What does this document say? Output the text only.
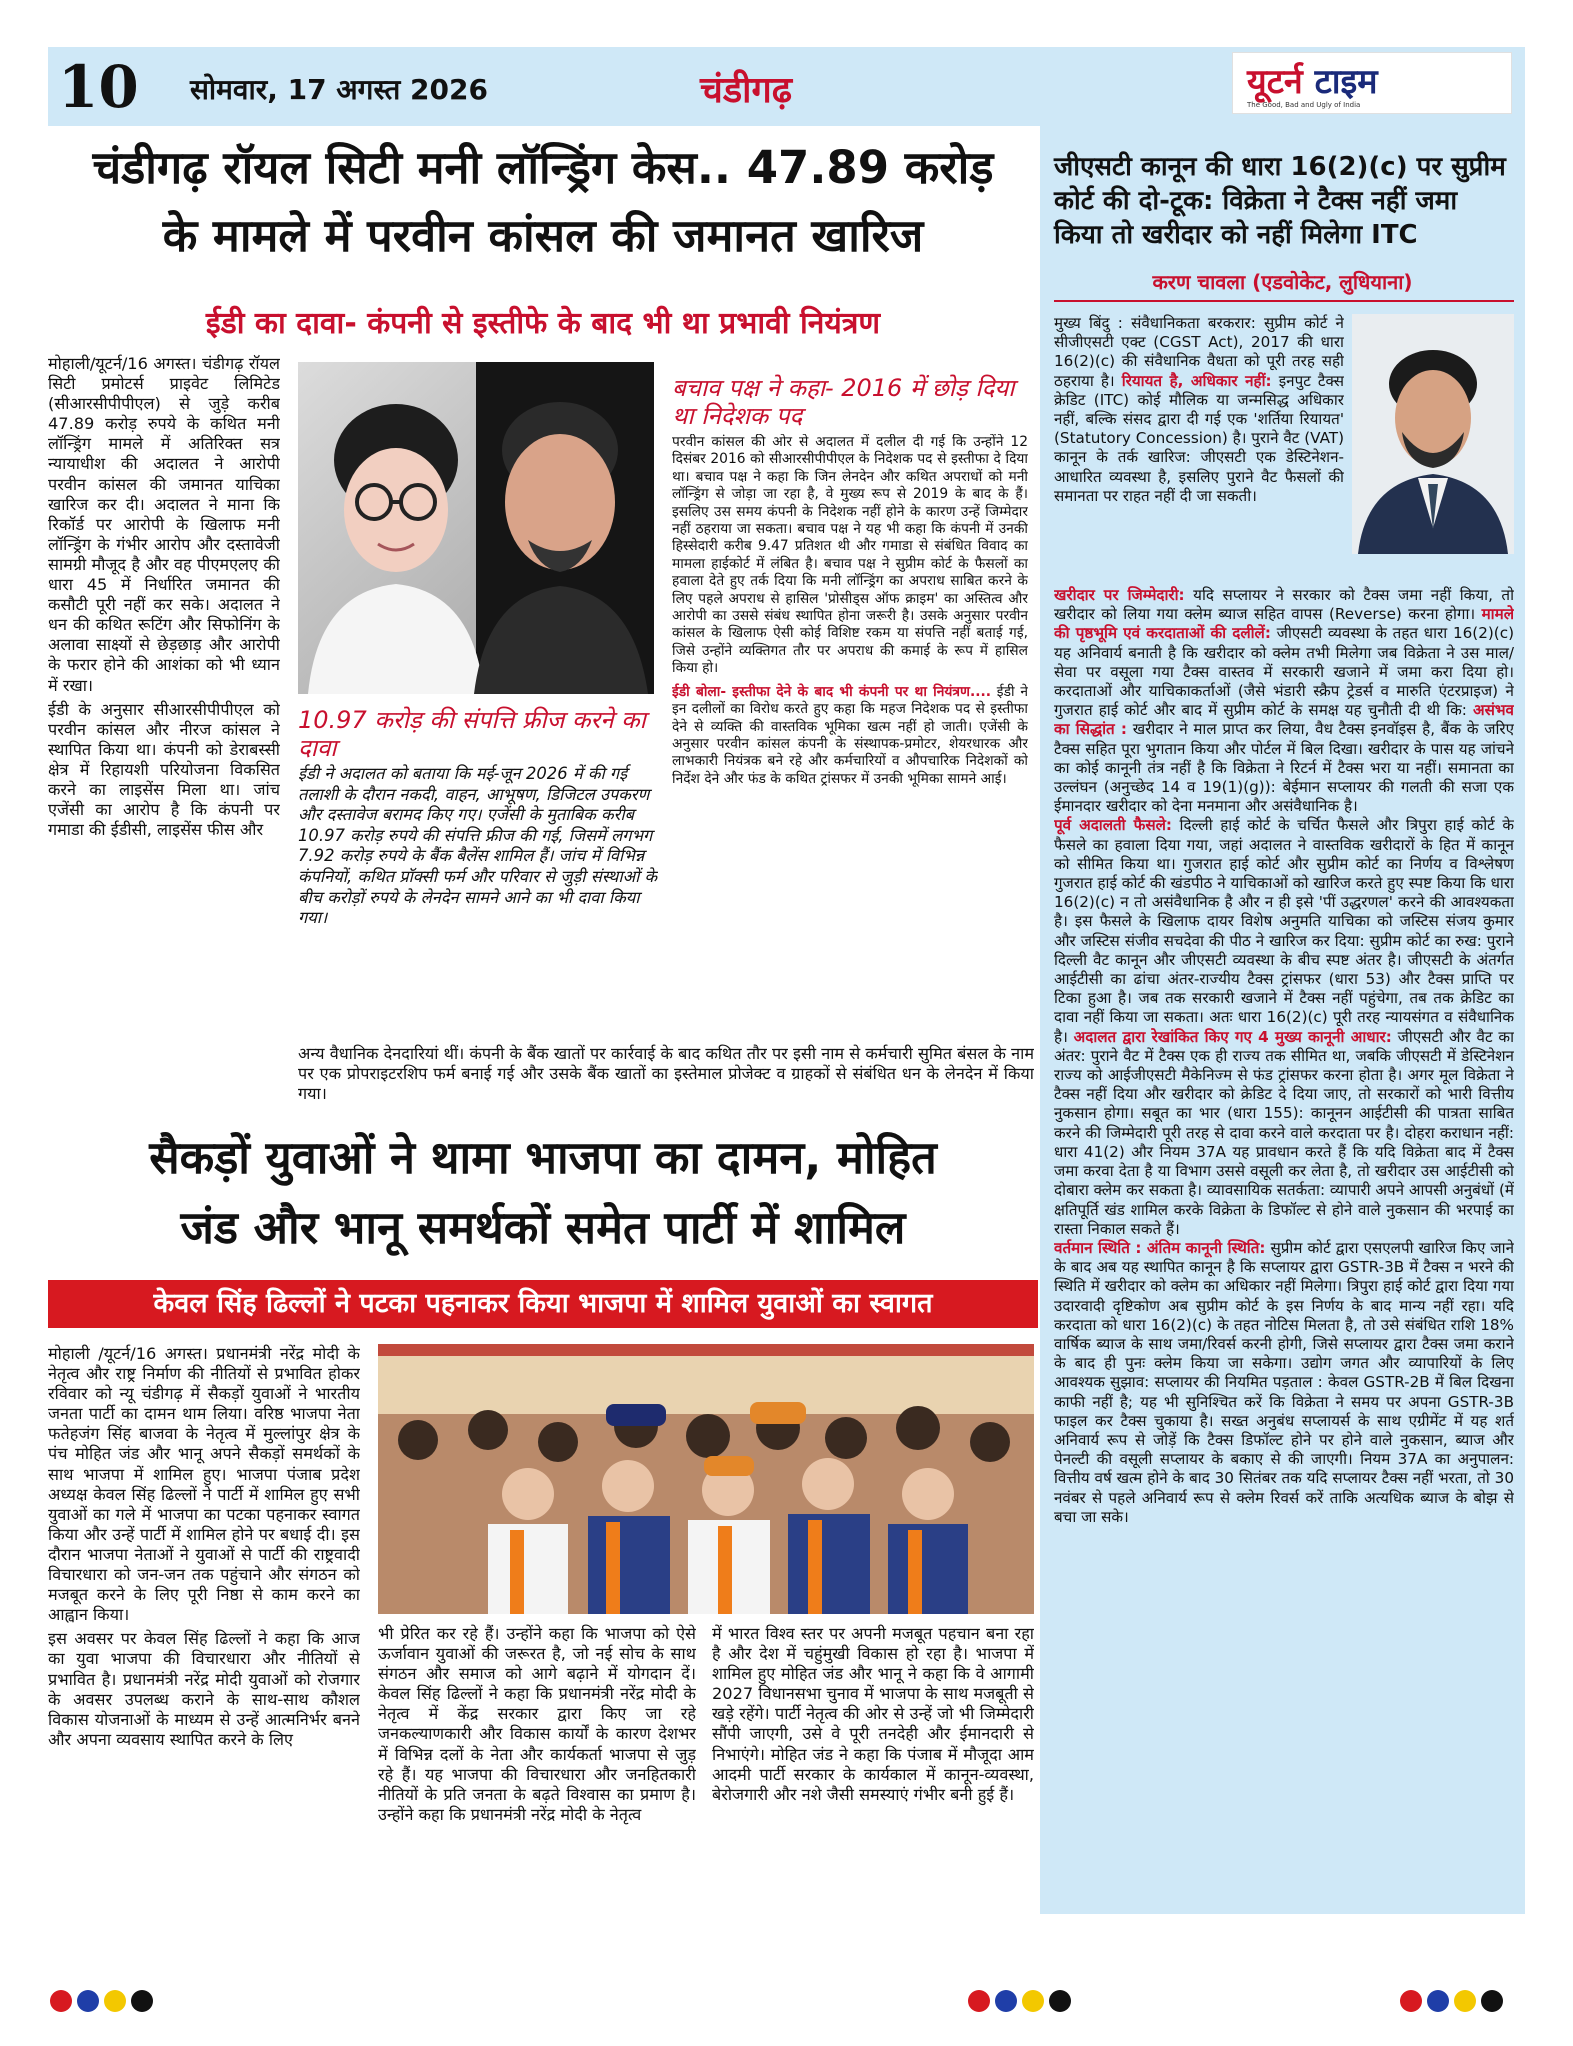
10 सोमवार, 17 अगस्त 2026	चंडीगढ़	यूटर्न टाइम
The Good, Bad and Ugly of India
चंडीगढ़ रॉयल सिटी मनी लॉन्ड्रिंग केस.. 47.89 करोड़
के मामले में परवीन कांसल की जमानत खारिज
ईडी का दावा- कंपनी से इस्तीफे के बाद भी था प्रभावी नियंत्रण
मोहाली/यूटर्न/16 अगस्त। चंडीगढ़ रॉयल सिटी प्रमोटर्स प्राइवेट लिमिटेड (सीआरसीपीपीएल) से जुड़े करीब 47.89 करोड़ रुपये के कथित मनी लॉन्ड्रिंग मामले में अतिरिक्त सत्र न्यायाधीश की अदालत ने आरोपी परवीन कांसल की जमानत याचिका खारिज कर दी। अदालत ने माना कि रिकॉर्ड पर आरोपी के खिलाफ मनी लॉन्ड्रिंग के गंभीर आरोप और दस्तावेजी सामग्री मौजूद है और वह पीएमएलए की धारा 45 में निर्धारित जमानत की कसौटी पूरी नहीं कर सके। अदालत ने धन की कथित रूटिंग और सिफोनिंग के अलावा साक्ष्यों से छेड़छाड़ और आरोपी के फरार होने की आशंका को भी ध्यान में रखा।
ईडी के अनुसार सीआरसीपीपीएल को परवीन कांसल और नीरज कांसल ने स्थापित किया था। कंपनी को डेराबस्सी क्षेत्र में रिहायशी परियोजना विकसित करने का लाइसेंस मिला था। जांच एजेंसी का आरोप है कि कंपनी पर गमाडा की ईडीसी, लाइसेंस फीस और
10.97 करोड़ की संपत्ति फ्रीज करने का दावा
ईडी ने अदालत को बताया कि मई-जून 2026 में की गई तलाशी के दौरान नकदी, वाहन, आभूषण, डिजिटल उपकरण और दस्तावेज बरामद किए गए। एजेंसी के मुताबिक करीब 10.97 करोड़ रुपये की संपत्ति फ्रीज की गई, जिसमें लगभग 7.92 करोड़ रुपये के बैंक बैलेंस शामिल हैं। जांच में विभिन्न कंपनियों, कथित प्रॉक्सी फर्म और परिवार से जुड़ी संस्थाओं के बीच करोड़ों रुपये के लेनदेन सामने आने का भी दावा किया गया।
बचाव पक्ष ने कहा- 2016 में छोड़ दिया था निदेशक पद
परवीन कांसल की ओर से अदालत में दलील दी गई कि उन्होंने 12 दिसंबर 2016 को सीआरसीपीपीएल के निदेशक पद से इस्तीफा दे दिया था। बचाव पक्ष ने कहा कि जिन लेनदेन और कथित अपराधों को मनी लॉन्ड्रिंग से जोड़ा जा रहा है, वे मुख्य रूप से 2019 के बाद के हैं। इसलिए उस समय कंपनी के निदेशक नहीं होने के कारण उन्हें जिम्मेदार नहीं ठहराया जा सकता। बचाव पक्ष ने यह भी कहा कि कंपनी में उनकी हिस्सेदारी करीब 9.47 प्रतिशत थी और गमाडा से संबंधित विवाद का मामला हाईकोर्ट में लंबित है। बचाव पक्ष ने सुप्रीम कोर्ट के फैसलों का हवाला देते हुए तर्क दिया कि मनी लॉन्ड्रिंग का अपराध साबित करने के लिए पहले अपराध से हासिल 'प्रोसीड्स ऑफ क्राइम' का अस्तित्व और आरोपी का उससे संबंध स्थापित होना जरूरी है। उसके अनुसार परवीन कांसल के खिलाफ ऐसी कोई विशिष्ट रकम या संपत्ति नहीं बताई गई, जिसे उन्होंने व्यक्तिगत तौर पर अपराध की कमाई के रूप में हासिल किया हो।
ईडी बोला- इस्तीफा देने के बाद भी कंपनी पर था नियंत्रण.... ईडी ने इन दलीलों का विरोध करते हुए कहा कि महज निदेशक पद से इस्तीफा देने से व्यक्ति की वास्तविक भूमिका खत्म नहीं हो जाती। एजेंसी के अनुसार परवीन कांसल कंपनी के संस्थापक-प्रमोटर, शेयरधारक और लाभकारी नियंत्रक बने रहे और कर्मचारियों व औपचारिक निदेशकों को निर्देश देने और फंड के कथित ट्रांसफर में उनकी भूमिका सामने आई।
अन्य वैधानिक देनदारियां थीं। कंपनी के बैंक खातों पर कार्रवाई के बाद कथित तौर पर इसी नाम से कर्मचारी सुमित बंसल के नाम पर एक प्रोपराइटरशिप फर्म बनाई गई और उसके बैंक खातों का इस्तेमाल प्रोजेक्ट व ग्राहकों से संबंधित धन के लेनदेन में किया गया।
सैकड़ों युवाओं ने थामा भाजपा का दामन, मोहित
जंड और भानू समर्थकों समेत पार्टी में शामिल
केवल सिंह ढिल्लों ने पटका पहनाकर किया भाजपा में शामिल युवाओं का स्वागत
मोहाली /यूटर्न/16 अगस्त। प्रधानमंत्री नरेंद्र मोदी के नेतृत्व और राष्ट्र निर्माण की नीतियों से प्रभावित होकर रविवार को न्यू चंडीगढ़ में सैकड़ों युवाओं ने भारतीय जनता पार्टी का दामन थाम लिया। वरिष्ठ भाजपा नेता फतेहजंग सिंह बाजवा के नेतृत्व में मुल्लांपुर क्षेत्र के पंच मोहित जंड और भानू अपने सैकड़ों समर्थकों के साथ भाजपा में शामिल हुए। भाजपा पंजाब प्रदेश अध्यक्ष केवल सिंह ढिल्लों ने पार्टी में शामिल हुए सभी युवाओं का गले में भाजपा का पटका पहनाकर स्वागत किया और उन्हें पार्टी में शामिल होने पर बधाई दी। इस दौरान भाजपा नेताओं ने युवाओं से पार्टी की राष्ट्रवादी विचारधारा को जन-जन तक पहुंचाने और संगठन को मजबूत करने के लिए पूरी निष्ठा से काम करने का आह्वान किया।
इस अवसर पर केवल सिंह ढिल्लों ने कहा कि आज का युवा भाजपा की विचारधारा और नीतियों से प्रभावित है। प्रधानमंत्री नरेंद्र मोदी युवाओं को रोजगार के अवसर उपलब्ध कराने के साथ-साथ कौशल विकास योजनाओं के माध्यम से उन्हें आत्मनिर्भर बनने और अपना व्यवसाय स्थापित करने के लिए
भी प्रेरित कर रहे हैं। उन्होंने कहा कि भाजपा को ऐसे ऊर्जावान युवाओं की जरूरत है, जो नई सोच के साथ संगठन और समाज को आगे बढ़ाने में योगदान दें। केवल सिंह ढिल्लों ने कहा कि प्रधानमंत्री नरेंद्र मोदी के नेतृत्व में केंद्र सरकार द्वारा किए जा रहे जनकल्याणकारी और विकास कार्यों के कारण देशभर में विभिन्न दलों के नेता और कार्यकर्ता भाजपा से जुड़ रहे हैं। यह भाजपा की विचारधारा और जनहितकारी नीतियों के प्रति जनता के बढ़ते विश्वास का प्रमाण है। उन्होंने कहा कि प्रधानमंत्री नरेंद्र मोदी के नेतृत्व
में भारत विश्व स्तर पर अपनी मजबूत पहचान बना रहा है और देश में चहुंमुखी विकास हो रहा है। भाजपा में शामिल हुए मोहित जंड और भानू ने कहा कि वे आगामी 2027 विधानसभा चुनाव में भाजपा के साथ मजबूती से खड़े रहेंगे। पार्टी नेतृत्व की ओर से उन्हें जो भी जिम्मेदारी सौंपी जाएगी, उसे वे पूरी तनदेही और ईमानदारी से निभाएंगे। मोहित जंड ने कहा कि पंजाब में मौजूदा आम आदमी पार्टी सरकार के कार्यकाल में कानून-व्यवस्था, बेरोजगारी और नशे जैसी समस्याएं गंभीर बनी हुई हैं।
जीएसटी कानून की धारा 16(2)(c) पर सुप्रीम कोर्ट की दो-टूक: विक्रेता ने टैक्स नहीं जमा किया तो खरीदार को नहीं मिलेगा ITC
करण चावला (एडवोकेट, लुधियाना)
मुख्य बिंदु : संवैधानिकता बरकरार: सुप्रीम कोर्ट ने सीजीएसटी एक्ट (CGST Act), 2017 की धारा 16(2)(c) की संवैधानिक वैधता को पूरी तरह सही ठहराया है। रियायत है, अधिकार नहीं: इनपुट टैक्स क्रेडिट (ITC) कोई मौलिक या जन्मसिद्ध अधिकार नहीं, बल्कि संसद द्वारा दी गई एक 'शर्तिया रियायत' (Statutory Concession) है। पुराने वैट (VAT) कानून के तर्क खारिज: जीएसटी एक डेस्टिनेशन-आधारित व्यवस्था है, इसलिए पुराने वैट फैसलों की समानता पर राहत नहीं दी जा सकती।
खरीदार पर जिम्मेदारी: यदि सप्लायर ने सरकार को टैक्स जमा नहीं किया, तो खरीदार को लिया गया क्लेम ब्याज सहित वापस (Reverse) करना होगा। मामले की पृष्ठभूमि एवं करदाताओं की दलीलें: जीएसटी व्यवस्था के तहत धारा 16(2)(c) यह अनिवार्य बनाती है कि खरीदार को क्लेम तभी मिलेगा जब विक्रेता ने उस माल/सेवा पर वसूला गया टैक्स वास्तव में सरकारी खजाने में जमा करा दिया हो। करदाताओं और याचिकाकर्ताओं (जैसे भंडारी स्क्रैप ट्रेडर्स व मारुति एंटरप्राइज) ने गुजरात हाई कोर्ट और बाद में सुप्रीम कोर्ट के समक्ष यह चुनौती दी थी कि: असंभव का सिद्धांत : खरीदार ने माल प्राप्त कर लिया, वैध टैक्स इनवॉइस है, बैंक के जरिए टैक्स सहित पूरा भुगतान किया और पोर्टल में बिल दिखा। खरीदार के पास यह जांचने का कोई कानूनी तंत्र नहीं है कि विक्रेता ने रिटर्न में टैक्स भरा या नहीं। समानता का उल्लंघन (अनुच्छेद 14 व 19(1)(g)): बेईमान सप्लायर की गलती की सजा एक ईमानदार खरीदार को देना मनमाना और असंवैधानिक है।
पूर्व अदालती फैसले: दिल्ली हाई कोर्ट के चर्चित फैसले और त्रिपुरा हाई कोर्ट के फैसले का हवाला दिया गया, जहां अदालत ने वास्तविक खरीदारों के हित में कानून को सीमित किया था। गुजरात हाई कोर्ट और सुप्रीम कोर्ट का निर्णय व विश्लेषण गुजरात हाई कोर्ट की खंडपीठ ने याचिकाओं को खारिज करते हुए स्पष्ट किया कि धारा 16(2)(c) न तो असंवैधानिक है और न ही इसे 'पीं उद्धरणल' करने की आवश्यकता है। इस फैसले के खिलाफ दायर विशेष अनुमति याचिका को जस्टिस संजय कुमार और जस्टिस संजीव सचदेवा की पीठ ने खारिज कर दिया: सुप्रीम कोर्ट का रुख: पुराने दिल्ली वैट कानून और जीएसटी व्यवस्था के बीच स्पष्ट अंतर है। जीएसटी के अंतर्गत आईटीसी का ढांचा अंतर-राज्यीय टैक्स ट्रांसफर (धारा 53) और टैक्स प्राप्ति पर टिका हुआ है। जब तक सरकारी खजाने में टैक्स नहीं पहुंचेगा, तब तक क्रेडिट का दावा नहीं किया जा सकता। अतः धारा 16(2)(c) पूरी तरह न्यायसंगत व संवैधानिक है। अदालत द्वारा रेखांकित किए गए 4 मुख्य कानूनी आधार: जीएसटी और वैट का अंतर: पुराने वैट में टैक्स एक ही राज्य तक सीमित था, जबकि जीएसटी में डेस्टिनेशन राज्य को आईजीएसटी मैकेनिज्म से फंड ट्रांसफर करना होता है। अगर मूल विक्रेता ने टैक्स नहीं दिया और खरीदार को क्रेडिट दे दिया जाए, तो सरकारों को भारी वित्तीय नुकसान होगा। सबूत का भार (धारा 155): कानूनन आईटीसी की पात्रता साबित करने की जिम्मेदारी पूरी तरह से दावा करने वाले करदाता पर है। दोहरा कराधान नहीं: धारा 41(2) और नियम 37A यह प्रावधान करते हैं कि यदि विक्रेता बाद में टैक्स जमा करवा देता है या विभाग उससे वसूली कर लेता है, तो खरीदार उस आईटीसी को दोबारा क्लेम कर सकता है। व्यावसायिक सतर्कता: व्यापारी अपने आपसी अनुबंधों (में क्षतिपूर्ति खंड शामिल करके विक्रेता के डिफॉल्ट से होने वाले नुकसान की भरपाई का रास्ता निकाल सकते हैं।
वर्तमान स्थिति : अंतिम कानूनी स्थिति: सुप्रीम कोर्ट द्वारा एसएलपी खारिज किए जाने के बाद अब यह स्थापित कानून है कि सप्लायर द्वारा GSTR-3B में टैक्स न भरने की स्थिति में खरीदार को क्लेम का अधिकार नहीं मिलेगा। त्रिपुरा हाई कोर्ट द्वारा दिया गया उदारवादी दृष्टिकोण अब सुप्रीम कोर्ट के इस निर्णय के बाद मान्य नहीं रहा। यदि करदाता को धारा 16(2)(c) के तहत नोटिस मिलता है, तो उसे संबंधित राशि 18% वार्षिक ब्याज के साथ जमा/रिवर्स करनी होगी, जिसे सप्लायर द्वारा टैक्स जमा कराने के बाद ही पुनः क्लेम किया जा सकेगा। उद्योग जगत और व्यापारियों के लिए आवश्यक सुझाव: सप्लायर की नियमित पड़ताल : केवल GSTR-2B में बिल दिखना काफी नहीं है; यह भी सुनिश्चित करें कि विक्रेता ने समय पर अपना GSTR-3B फाइल कर टैक्स चुकाया है। सख्त अनुबंध सप्लायर्स के साथ एग्रीमेंट में यह शर्त अनिवार्य रूप से जोड़ें कि टैक्स डिफॉल्ट होने पर होने वाले नुकसान, ब्याज और पेनल्टी की वसूली सप्लायर के बकाए से की जाएगी। नियम 37A का अनुपालन: वित्तीय वर्ष खत्म होने के बाद 30 सितंबर तक यदि सप्लायर टैक्स नहीं भरता, तो 30 नवंबर से पहले अनिवार्य रूप से क्लेम रिवर्स करें ताकि अत्यधिक ब्याज के बोझ से बचा जा सके।
